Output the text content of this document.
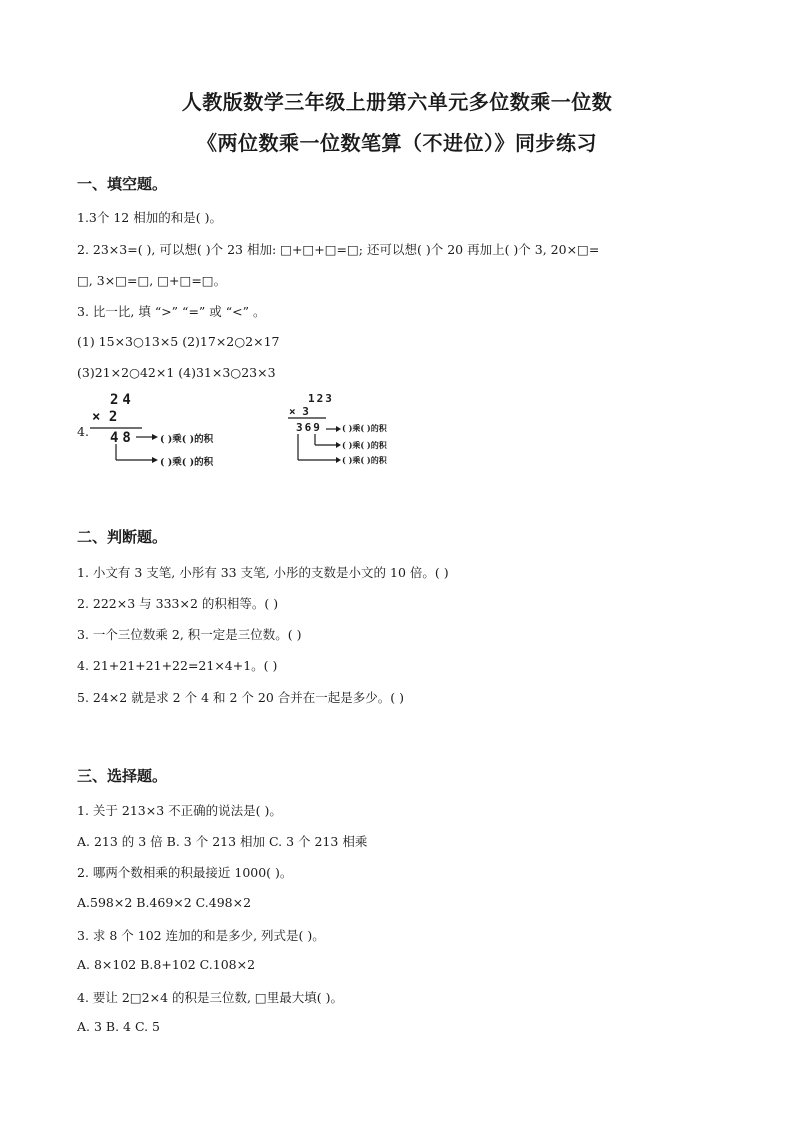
人教版数学三年级上册第六单元多位数乘一位数
《两位数乘一位数笔算（不进位）》同步练习
一、填空题。
1.3个 12 相加的和是( )。
2. 23×3=( ), 可以想( )个 23 相加: □+□+□=□; 还可以想( )个 20 再加上( )个 3, 20×□=
□, 3×□=□, □+□=□。
3. 比一比, 填 “>” “=” 或 “<” 。
(1) 15×3○13×5 (2)17×2○2×17
(3)21×2○42×1 (4)31×3○23×3
4.
24
× 2
48
123
× 3
369
( )乘( )的积
( )乘( )的积
( )乘( )的积
( )乘( )的积
( )乘( )的积
二、判断题。
1. 小文有 3 支笔, 小彤有 33 支笔, 小彤的支数是小文的 10 倍。( )
2. 222×3 与 333×2 的积相等。( )
3. 一个三位数乘 2, 积一定是三位数。( )
4. 21+21+21+22=21×4+1。( )
5. 24×2 就是求 2 个 4 和 2 个 20 合并在一起是多少。( )
三、选择题。
1. 关于 213×3 不正确的说法是( )。
A. 213 的 3 倍 B. 3 个 213 相加 C. 3 个 213 相乘
2. 哪两个数相乘的积最接近 1000( )。
A.598×2 B.469×2 C.498×2
3. 求 8 个 102 连加的和是多少, 列式是( )。
A. 8×102 B.8+102 C.108×2
4. 要让 2□2×4 的积是三位数, □里最大填( )。
A. 3 B. 4 C. 5
